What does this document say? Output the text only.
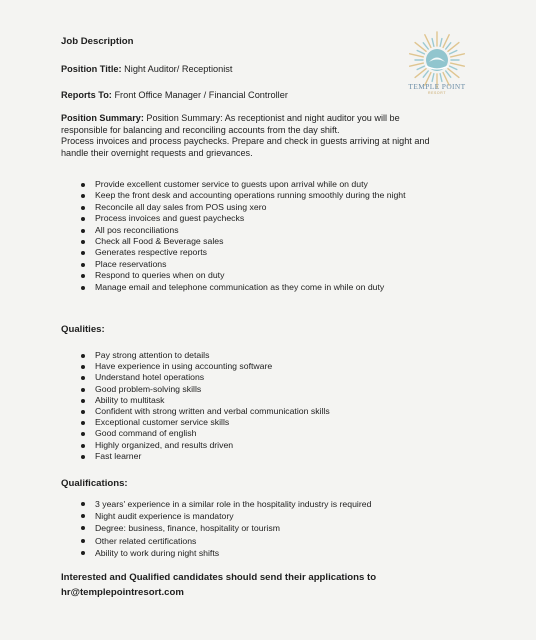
Job Description
Position Title: Night Auditor/ Receptionist
Reports To: Front Office Manager / Financial Controller
Position Summary: Position Summary: As receptionist and night auditor you will be
responsible for balancing and reconciling accounts from the day shift.
Process invoices and process paychecks. Prepare and check in guests arriving at night and
handle their overnight requests and grievances.
Provide excellent customer service to guests upon arrival while on duty
Keep the front desk and accounting operations running smoothly during the night
Reconcile all day sales from POS using xero
Process invoices and guest paychecks
All pos reconciliations
Check all Food & Beverage sales
Generates respective reports
Place reservations
Respond to queries when on duty
Manage email and telephone communication as they come in while on duty
Qualities:
Pay strong attention to details
Have experience in using accounting software
Understand hotel operations
Good problem-solving skills
Ability to multitask
Confident with strong written and verbal communication skills
Exceptional customer service skills
Good command of english
Highly organized, and results driven
Fast learner
Qualifications:
3 years' experience in a similar role in the hospitality industry is required
Night audit experience is mandatory
Degree: business, finance, hospitality or tourism
Other related certifications
Ability to work during night shifts
Interested and Qualified candidates should send their applications to
hr@templepointresort.com
TEMPLE POINT
RESORT
